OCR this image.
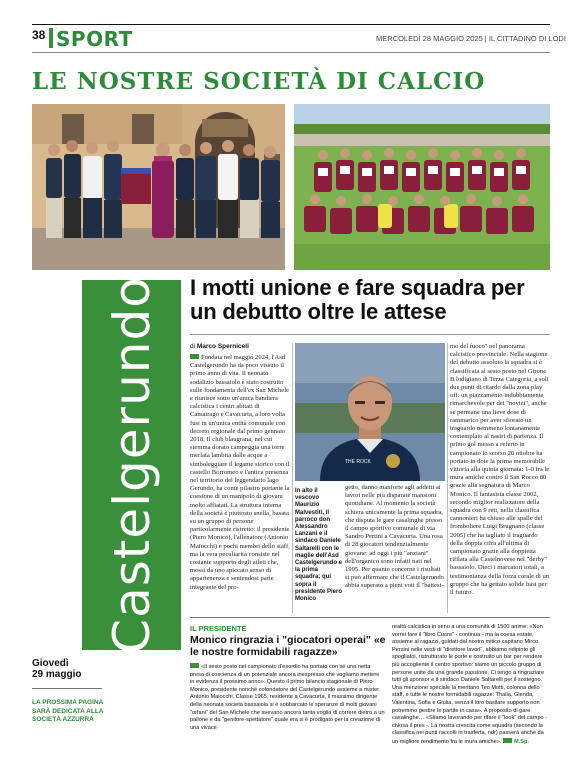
38 SPORT	MERCOLEDÌ 28 MAGGIO 2025 | IL CITTADINO DI LODI
LE NOSTRE SOCIETÀ DI CALCIO
Castelgerundo
Giovedì
29 maggio
LA PROSSIMA PAGINA SARÀ DEDICATA ALLA SOCIETÀ AZZURRA
I motti unione e fare squadra per un debutto oltre le attese
di Marco Sperniceli
Fondata nel maggio 2024, l'Asd Castelgerundo ha da poco vissuto il primo anno di vita. Il neonato sodalizio bassaiolo è stato costruito sulle fondamenta dell'ex San Michele e riunisce sotto un'unica bandiera calcistica i centri abitati di Camairago e Cavacurta, a loro volta fusi in un'unica entità comunale con decreto regionale dal primo gennaio 2018. Il club blaugrana, nel cui stemma dorato campeggia una torre merlata lambita dalle acque a simboleggiare il legame storico con il castello Borromeo e l'antica presenza nel territorio del leggendario lago Gerundo, ha come pilastro portante la coesione di un manipolo di giovani molto affiatati. La struttura interna della società è piuttosto snella, basata su un gruppo di persone particolarmente ristretto: il presidente (Piero Monico), l'allenatore (Antonio Maiocchi) e pochi membri dello staff, ma la vera peculiarità consiste nel costante supporto degli atleti che, mossi da uno spiccato senso di appartenenza e sentendosi parte integrante del pro-
THE ROCK
In alto il vescovo Maurizio Malvestiti, il parroco don Alessandro Lanzani e il sindaco Daniele Saltarelli con le maglie dell'Asd Castelgerundo e la prima squadra; qui sopra il presidente Piero Monico
getto, danno manforte agli addetti ai lavori nelle più disparate mansioni quotidiane. Al momento la società schiera unicamente la prima squadra, che disputa le gare casalinghe presso il campo sportivo comunale di via Sandro Pertini a Cavacurta. Una rosa di 28 giocatori tendenzialmente giovane: ad oggi i più "anziani" dell'organico sono infatti nati nel 1995. Per quanto concerne i risultati si può affermare che il Castelgerundo abbia superato a pieni voti il "battesi-
mo del fuoco" nel panorama calcistico provinciale. Nella stagione del debutto assoluto la squadra si è classificata al sesto posto nel Girone B lodigiano di Terza Categoria, a soli due punti di ritardo dalla zona play off: un piazzamento indubbiamente rimarchevole per dei "novizi", anche se permane una lieve dose di rammarico per aver sfiorato un traguardo nemmeno lontanamente contemplato al nastri di partenza. Il primo gol messo a referto in campionato lo scorso 20 ottobre ha portato in dote la prima memorabile vittoria alla quinta giornata: 1-0 fra le mura amiche contro il San Rocco 80 grazie alla segnatura di Marco Monico. Il fantasista classe 2002, secondo miglior realizzatore della squadra con 9 reti, nella classifica cannonieri ha chiuso alle spalle del fromboliere Luigi Brugnano (classe 2005) che ha tagliato il traguardo della doppia cifra all'ultima di campionato grazie alla doppietta rifilata alla Castelnovese nel "derby" bassaiolo. Dieci i marcatori totali, a testimonianza della forza corale di un gruppo che ha gettato solide basi per il futuro.
IL PRESIDENTE
Monico ringrazia i "giocatori operai" «e le nostre formidabili ragazze»
«Il sesto posto nel campionato d'esordio ha portato con sé una netta presa di coscienza di un potenziale ancora inespresso che vogliamo mettere in evidenza il prossimo anno». Questo il primo bilancio stagionale di Piero Monico, presidente nonché cofondatore del Castelgerundo assieme a mister Antonio Maiocchi. Classe 1965, residente a Cavacurta, il massimo dirigente della neonata società bassaiola si è sobbarcato le speranze di molti giovani "orfani" del San Michele che avevano ancora tanta voglia di correre dietro a un pallone e da "genitore-spettatore" quale era si è prodigato per la creazione di una vivace
realtà calcistica in seno a una comunità di 1500 anime: «Non vorrei fare il "libro Cuore" - continua - ma la coesa estate, assieme ai ragazzi, guidati dal nostro mitico capitano Mirco Persini nelle vesti di "direttore lavori", abbiamo ridipinto gli spogliatoi, ristrutturato le porte e costruito un bar per rendere più accogliente il centro sportivo: siamo un piccolo gruppo di persone unite da una grande passione. Ci tengo a ringraziare tutti gli sponsor e il sindaco Daniele Saltarelli per il sostegno. Una menzione speciale la meritano Teo Motti, colonna dello staff, e tutte le nostre formidabili ragazze: Thalia, Glenda, Valentina, Sofia e Giulia, senza il loro basilare supporto non potremmo gestire le partite in casa». A proposito di gare casalinghe… «Stiamo lavorando per rifare il "look" del campo - chiosa il pres -. La nostra crescita come squadra (secondo la classifica nei punti raccolti in trasferta, ndr) passerà anche da un migliore rendimento fra le mura amiche». M.Sp.
